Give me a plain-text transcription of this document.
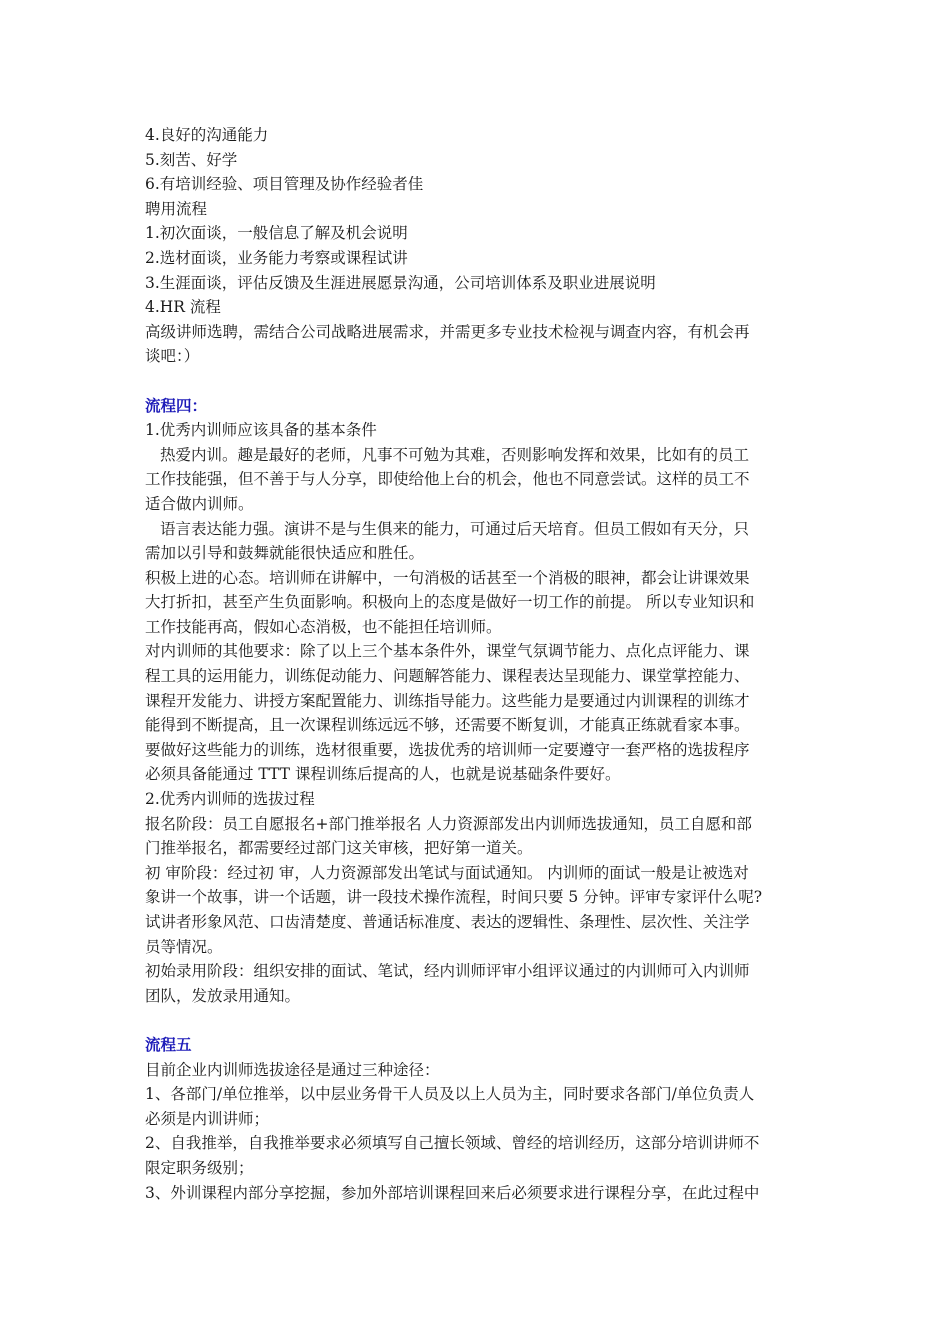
4.良好的沟通能力
5.刻苦、好学
6.有培训经验、项目管理及协作经验者佳
聘用流程
1.初次面谈，一般信息了解及机会说明
2.选材面谈，业务能力考察或课程试讲
3.生涯面谈，评估反馈及生涯进展愿景沟通，公司培训体系及职业进展说明
4.HR 流程
高级讲师选聘，需结合公司战略进展需求，并需更多专业技术检视与调查内容，有机会再
谈吧：）
流程四：
1.优秀内训师应该具备的基本条件
热爱内训。趣是最好的老师，凡事不可勉为其难，否则影响发挥和效果，比如有的员工
工作技能强，但不善于与人分享，即使给他上台的机会，他也不同意尝试。这样的员工不
适合做内训师。
语言表达能力强。演讲不是与生俱来的能力，可通过后天培育。但员工假如有天分，只
需加以引导和鼓舞就能很快适应和胜任。
积极上进的心态。培训师在讲解中，一句消极的话甚至一个消极的眼神，都会让讲课效果
大打折扣，甚至产生负面影响。积极向上的态度是做好一切工作的前提。 所以专业知识和
工作技能再高，假如心态消极，也不能担任培训师。
对内训师的其他要求：除了以上三个基本条件外，课堂气氛调节能力、点化点评能力、课
程工具的运用能力，训练促动能力、问题解答能力、课程表达呈现能力、课堂掌控能力、
课程开发能力、讲授方案配置能力、训练指导能力。这些能力是要通过内训课程的训练才
能得到不断提高，且一次课程训练远远不够，还需要不断复训，才能真正练就看家本事。
要做好这些能力的训练，选材很重要，选拔优秀的培训师一定要遵守一套严格的选拔程序
必须具备能通过 TTT 课程训练后提高的人，也就是说基础条件要好。
2.优秀内训师的选拔过程
报名阶段：员工自愿报名+部门推举报名 人力资源部发出内训师选拔通知，员工自愿和部
门推举报名，都需要经过部门这关审核，把好第一道关。
初 审阶段：经过初 审，人力资源部发出笔试与面试通知。 内训师的面试一般是让被选对
象讲一个故事，讲一个话题，讲一段技术操作流程，时间只要 5 分钟。评审专家评什么呢?
试讲者形象风范、口齿清楚度、普通话标准度、表达的逻辑性、条理性、层次性、关注学
员等情况。
初始录用阶段：组织安排的面试、笔试，经内训师评审小组评议通过的内训师可入内训师
团队，发放录用通知。
流程五
目前企业内训师选拔途径是通过三种途径：
1、各部门/单位推举，以中层业务骨干人员及以上人员为主，同时要求各部门/单位负责人
必须是内训讲师；
2、自我推举，自我推举要求必须填写自己擅长领域、曾经的培训经历，这部分培训讲师不
限定职务级别；
3、外训课程内部分享挖掘，参加外部培训课程回来后必须要求进行课程分享，在此过程中
